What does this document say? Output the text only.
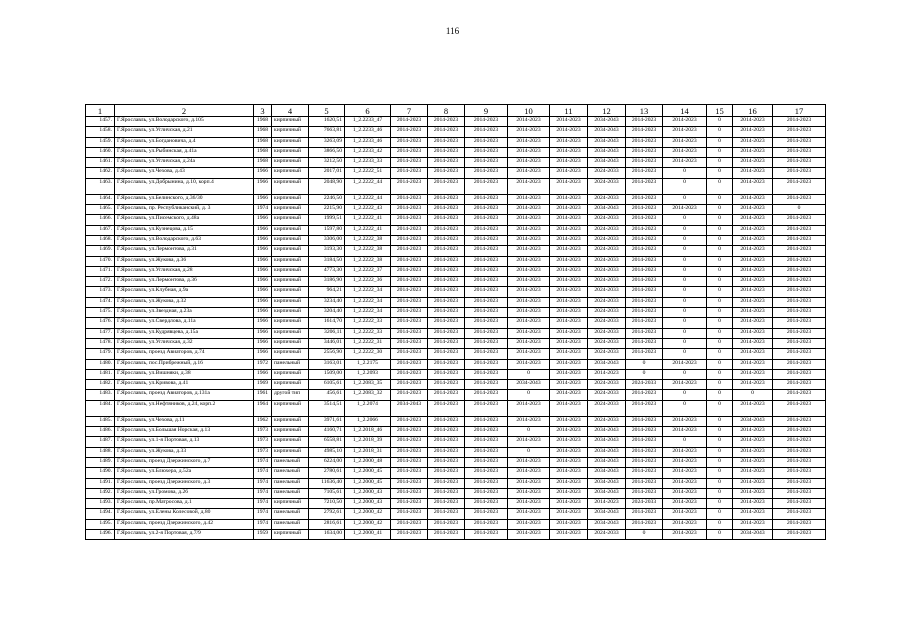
116
1	2	3	4	5	6	7	8	9	10	11	12	13	14	15	16	17
1457.	Г.Ярославль, ул.Володарского, д.105	1968	кирпичный	1620,51	1_2.2233_47	2014-2023	2014-2023	2014-2023	2014-2023	2014-2023	2034-2043	2014-2023	2014-2023	0	2014-2023	2014-2023
1458.	Г.Ярославль, ул.Угличская, д.21	1968	кирпичный	7663,81	1_2.2233_46	2014-2023	2014-2023	2014-2023	2014-2023	2014-2023	2034-2043	2014-2023	2014-2023	0	2014-2023	2014-2023
1459.	Г.Ярославль, ул.Богдановича, д.4	1968	кирпичный	3263,09	1_2.2233_46	2014-2023	2014-2023	2014-2023	2014-2023	2014-2023	2034-2043	2014-2023	2014-2023	0	2014-2023	2014-2023
1460.	Г.Ярославль, ул.Рыбинская, д.41а	1968	кирпичный	3866,50	1_2.2233_42	2014-2023	2014-2023	2014-2023	2014-2023	2014-2023	2034-2043	2014-2023	2014-2023	0	2014-2023	2014-2023
1461.	Г.Ярославль, ул.Угличская, д.24а	1968	кирпичный	3212,50	1_2.2233_33	2014-2023	2014-2023	2014-2023	2014-2023	2014-2023	2034-2043	2014-2023	2014-2023	0	2014-2023	2014-2023
1462.	Г.Ярославль, ул.Чехова, д.43	1966	кирпичный	2017,01	1_2.2222_51	2014-2023	2014-2023	2014-2023	2014-2023	2014-2023	2024-2033	2014-2023	0	0	2014-2023	2014-2023
1463.	Г.Ярославль, ул.Добрынина, д.10, корп.4	1966	кирпичный	2048,90	1_2.2222_44	2014-2023	2014-2023	2014-2023	2014-2023	2014-2023	2024-2033	2014-2023	0	0	2014-2023	2014-2023
1464.	Г.Ярославль, ул.Белинского, д.36/30	1966	кирпичный	2246,50	1_2.2222_44	2014-2023	2014-2023	2014-2023	2014-2023	2014-2023	2024-2033	2014-2023	0	0	2014-2023	2014-2023
1465.	Г.Ярославль, пр. Республиканский, д. 3	1974	кирпичный	2215,90	1_2.2222_43	2014-2023	2014-2023	2014-2023	2014-2023	2014-2023	2034-2043	2014-2023	2014-2023	0	2014-2023	0
1466.	Г.Ярославль, ул.Писемского, д.48а	1966	кирпичный	1999,51	1_2.2222_41	2014-2023	2014-2023	2014-2023	2014-2023	2014-2023	2024-2033	2014-2023	0	0	2014-2023	2014-2023
1467.	Г.Ярославль, ул.Кузнецова, д.15	1966	кирпичный	1597,80	1_2.2222_41	2014-2023	2014-2023	2014-2023	2014-2023	2014-2023	2024-2033	2014-2023	0	0	2014-2023	2014-2023
1468.	Г.Ярославль, ул.Володарского, д.63	1966	кирпичный	3306,00	1_2.2222_38	2014-2023	2014-2023	2014-2023	2014-2023	2014-2023	2024-2033	2014-2023	0	0	2014-2023	2014-2023
1469.	Г.Ярославль, ул.Лермонтова, д.31	1966	кирпичный	3193,30	1_2.2222_38	2014-2023	2014-2023	2014-2023	2014-2023	2014-2023	2024-2033	2014-2023	0	0	2014-2023	2014-2023
1470.	Г.Ярославль, ул.Жукова, д.36	1966	кирпичный	3184,50	1_2.2222_38	2014-2023	2014-2023	2014-2023	2014-2023	2014-2023	2024-2033	2014-2023	0	0	2014-2023	2014-2023
1471.	Г.Ярославль, ул.Угличская, д.28	1966	кирпичный	4773,30	1_2.2222_37	2014-2023	2014-2023	2014-2023	2014-2023	2014-2023	2024-2033	2014-2023	0	0	2014-2023	2014-2023
1472.	Г.Ярославль, ул.Лермонтова, д.36	1966	кирпичный	3186,90	1_2.2222_36	2014-2023	2014-2023	2014-2023	2014-2023	2014-2023	2024-2033	2014-2023	0	0	2014-2023	2014-2023
1473.	Г.Ярославль, ул.Клубная, д.9а	1966	кирпичный	964,21	1_2.2222_34	2014-2023	2014-2023	2014-2023	2014-2023	2014-2023	2024-2033	2014-2023	0	0	2014-2023	2014-2023
1474.	Г.Ярославль, ул.Жукова, д.32	1966	кирпичный	3234,40	1_2.2222_34	2014-2023	2014-2023	2014-2023	2014-2023	2014-2023	2024-2033	2014-2023	0	0	2014-2023	2014-2023
1475.	Г.Ярославль, ул.Звездная, д.23а	1966	кирпичный	3204,40	1_2.2222_34	2014-2023	2014-2023	2014-2023	2014-2023	2014-2023	2024-2033	2014-2023	0	0	2014-2023	2014-2023
1476.	Г.Ярославль, ул.Свердлова, д.11а	1966	кирпичный	1614,70	1_2.2222_33	2014-2023	2014-2023	2014-2023	2014-2023	2014-2023	2024-2033	2014-2023	0	0	2014-2023	2014-2023
1477.	Г.Ярославль, ул.Кудрявцева, д.15а	1966	кирпичный	3206,11	1_2.2222_33	2014-2023	2014-2023	2014-2023	2014-2023	2014-2023	2024-2033	2014-2023	0	0	2014-2023	2014-2023
1478.	Г.Ярославль, ул.Угличская, д.32	1966	кирпичный	3446,01	1_2.2222_31	2014-2023	2014-2023	2014-2023	2014-2023	2014-2023	2024-2033	2014-2023	0	0	2014-2023	2014-2023
1479.	Г.Ярославль, проезд Авиаторов, д.74	1966	кирпичный	2556,90	1_2.2222_30	2014-2023	2014-2023	2014-2023	2014-2023	2014-2023	2024-2033	2014-2023	0	0	2014-2023	2014-2023
1480.	Г.Ярославль, пос.Прибрежный, д.16	1972	панельный	3163,01	1_2.2175	2014-2023	2014-2023	2014-2023	2014-2023	2014-2023	2034-2043	0	2014-2023	0	2014-2023	2014-2023
1481.	Г.Ярославль, ул.Вишняки, д.38	1966	кирпичный	1509,00	1_2.2093	2014-2023	2014-2023	2014-2023	0	2014-2023	2014-2023	0	0	0	2014-2023	2014-2023
1482.	Г.Ярославль, ул.Кривова, д.41	1969	кирпичный	6105,61	1_2.2083_35	2014-2023	2014-2023	2014-2023	2034-2043	2014-2023	2024-2033	2024-2033	2014-2023	0	2014-2023	2014-2023
1483.	Г.Ярославль, проезд Авиаторов, д.131а	1961	другой тип	456,61	1_2.2083_32	2014-2023	2014-2023	2014-2023	0	2014-2023	2024-2033	2014-2023	0	0	0	2014-2023
1484.	Г.Ярославль, ул.Нефтяников, д.24, корп.2	1964	кирпичный	3514,51	1_2.2074	2034-2043	2014-2023	2014-2023	2014-2023	2014-2023	2024-2033	2014-2023	0	0	2014-2023	2014-2023
1485.	Г.Ярославль, ул.Чехова, д.11	1962	кирпичный	3971,61	1_2.2066	2014-2023	2014-2023	2014-2023	2014-2023	2014-2023	2024-2033	2014-2023	2014-2023	0	2034-2043	2014-2023
1486.	Г.Ярославль, ул.Большая Норская, д.13	1973	кирпичный	4160,71	1_2.2018_46	2014-2023	2014-2023	2014-2023	0	2014-2023	2034-2043	2014-2023	2014-2023	0	2014-2023	2014-2023
1487.	Г.Ярославль, ул.1-я Портовая, д.13	1973	кирпичный	6558,81	1_2.2018_39	2014-2023	2014-2023	2014-2023	2014-2023	2014-2023	2034-2043	2014-2023	0	0	2014-2023	2014-2023
1488.	Г.Ярославль, ул.Жукова, д.33	1973	кирпичный	4985,10	1_2.2018_31	2014-2023	2014-2023	2014-2023	0	2014-2023	2034-2043	2014-2023	2014-2023	0	2014-2023	2014-2023
1489.	Г.Ярославль, проезд Дзержинского, д.7	1974	панельный	6224,00	1_2.2000_48	2014-2023	2014-2023	2014-2023	2014-2023	2014-2023	2034-2043	2014-2023	2014-2023	0	2014-2023	2014-2023
1490.	Г.Ярославль, ул.Блюхера, д.52а	1974	панельный	2780,61	1_2.2000_45	2014-2023	2014-2023	2014-2023	2014-2023	2014-2023	2034-2043	2014-2023	2014-2023	0	2014-2023	2014-2023
1491.	Г.Ярославль, проезд Дзержинского, д.3	1974	панельный	11636,40	1_2.2000_45	2014-2023	2014-2023	2014-2023	2014-2023	2014-2023	2034-2043	2014-2023	2014-2023	0	2014-2023	2014-2023
1492.	Г.Ярославль, ул.Громова, д.26	1974	панельный	7105,61	1_2.2000_43	2014-2023	2014-2023	2014-2023	2014-2023	2014-2023	2034-2043	2014-2023	2014-2023	0	2014-2023	2014-2023
1493.	Г.Ярославль, пр.Матросова, д.1	1974	кирпичный	7210,50	1_2.2000_43	2014-2023	2014-2023	2014-2023	2014-2023	2014-2023	2014-2023	2024-2033	2014-2023	0	2014-2023	2014-2023
1494.	Г.Ярославль, ул.Елены Колесовой, д.80	1974	панельный	2792,61	1_2.2000_42	2014-2023	2014-2023	2014-2023	2014-2023	2014-2023	2034-2043	2014-2023	2014-2023	0	2014-2023	2014-2023
1495.	Г.Ярославль, проезд Дзержинского, д.42	1974	панельный	2816,61	1_2.2000_42	2014-2023	2014-2023	2014-2023	2014-2023	2014-2023	2034-2043	2014-2023	2014-2023	0	2014-2023	2014-2023
1496.	Г.Ярославль, ул.2-я Портовая, д.7/9	1959	кирпичный	1634,00	1_2.2000_41	2014-2023	2014-2023	2014-2023	2014-2023	2014-2023	2024-2033	0	2014-2023	0	2034-2043	2014-2023
